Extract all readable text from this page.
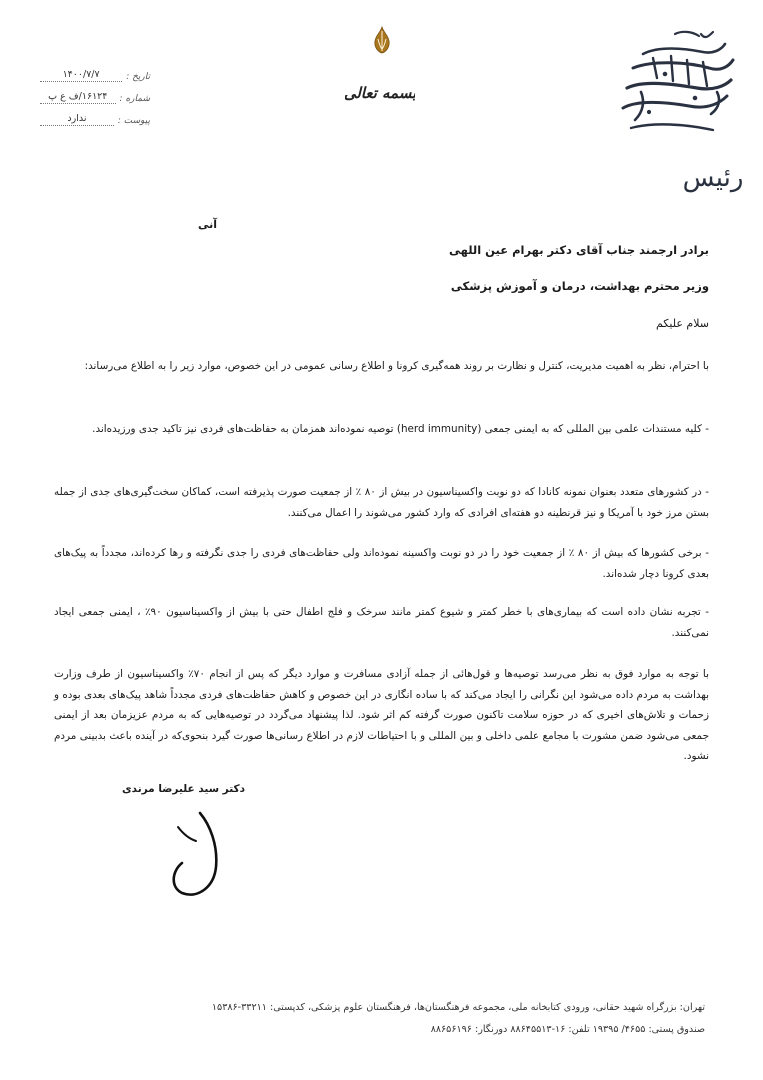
رئیس
بسمه تعالی
تاریخ :
۱۴۰۰/۷/۷
شماره :
۱۶۱۲۴/ف ع پ
پیوست :
ندارد
آنی
برادر ارجمند جناب آقای دکتر بهرام عین اللهی
وزیر محترم بهداشت، درمان و آموزش پزشکی
سلام علیکم

با احترام، نظر به اهمیت مدیریت، کنترل و نظارت بر روند همه‌گیری کرونا و اطلاع رسانی عمومی در این خصوص، موارد زیر را به اطلاع می‌رساند:

- کلیه مستندات علمی بین المللی که به ایمنی جمعی (herd immunity) توصیه نموده‌اند همزمان به حفاظت‌های فردی نیز تاکید جدی ورزیده‌اند.

- در کشورهای متعدد بعنوان نمونه کانادا که دو نوبت واکسیناسیون در بیش از ۸۰ ٪ از جمعیت صورت پذیرفته است، کماکان سخت‌گیری‌های جدی از جمله بستن مرز خود با آمریکا و نیز قرنطینه دو هفته‌ای افرادی که وارد کشور می‌شوند را اعمال می‌کنند.

- برخی کشورها که بیش از ۸۰ ٪ از جمعیت خود را در دو نوبت واکسینه نموده‌اند ولی حفاظت‌های فردی را جدی نگرفته و رها کرده‌اند، مجدداً به پیک‌های بعدی کرونا دچار شده‌اند.

- تجربه نشان داده است که بیماری‌های با خطر کمتر و شیوع کمتر مانند سرخک و فلج اطفال حتی با بیش از واکسیناسیون ۹۰٪ ، ایمنی جمعی ایجاد نمی‌کنند.

با توجه به موارد فوق به نظر می‌رسد توصیه‌ها و قول‌هائی از جمله آزادی مسافرت و موارد دیگر که پس از انجام ۷۰٪ واکسیناسیون از طرف وزارت بهداشت به مردم داده می‌شود این نگرانی را ایجاد می‌کند که با ساده انگاری در این خصوص و کاهش حفاظت‌های فردی مجدداً شاهد پیک‌های بعدی بوده و زحمات و تلاش‌های اخیری که در حوزه سلامت تاکنون صورت گرفته کم اثر شود. لذا پیشنهاد می‌گردد در توصیه‌هایی که به مردم عزیزمان بعد از ایمنی جمعی می‌شود ضمن مشورت با مجامع علمی داخلی و بین المللی و با احتیاطات لازم در اطلاع رسانی‌ها صورت گیرد بنحوی‌که در آینده باعث بدبینی مردم نشود.

دکتر سید علیرضا مرندی
تهران: بزرگراه شهید حقانی، ورودی کتابخانه ملی، مجموعه فرهنگستان‌ها، فرهنگستان علوم پزشکی، کدپستی: ۳۳۲۱۱-۱۵۳۸۶
صندوق پستی: ۴۶۵۵/ ۱۹۳۹۵ تلفن: ۱۶-۸۸۶۴۵۵۱۳ دورنگار: ۸۸۶۵۶۱۹۶
